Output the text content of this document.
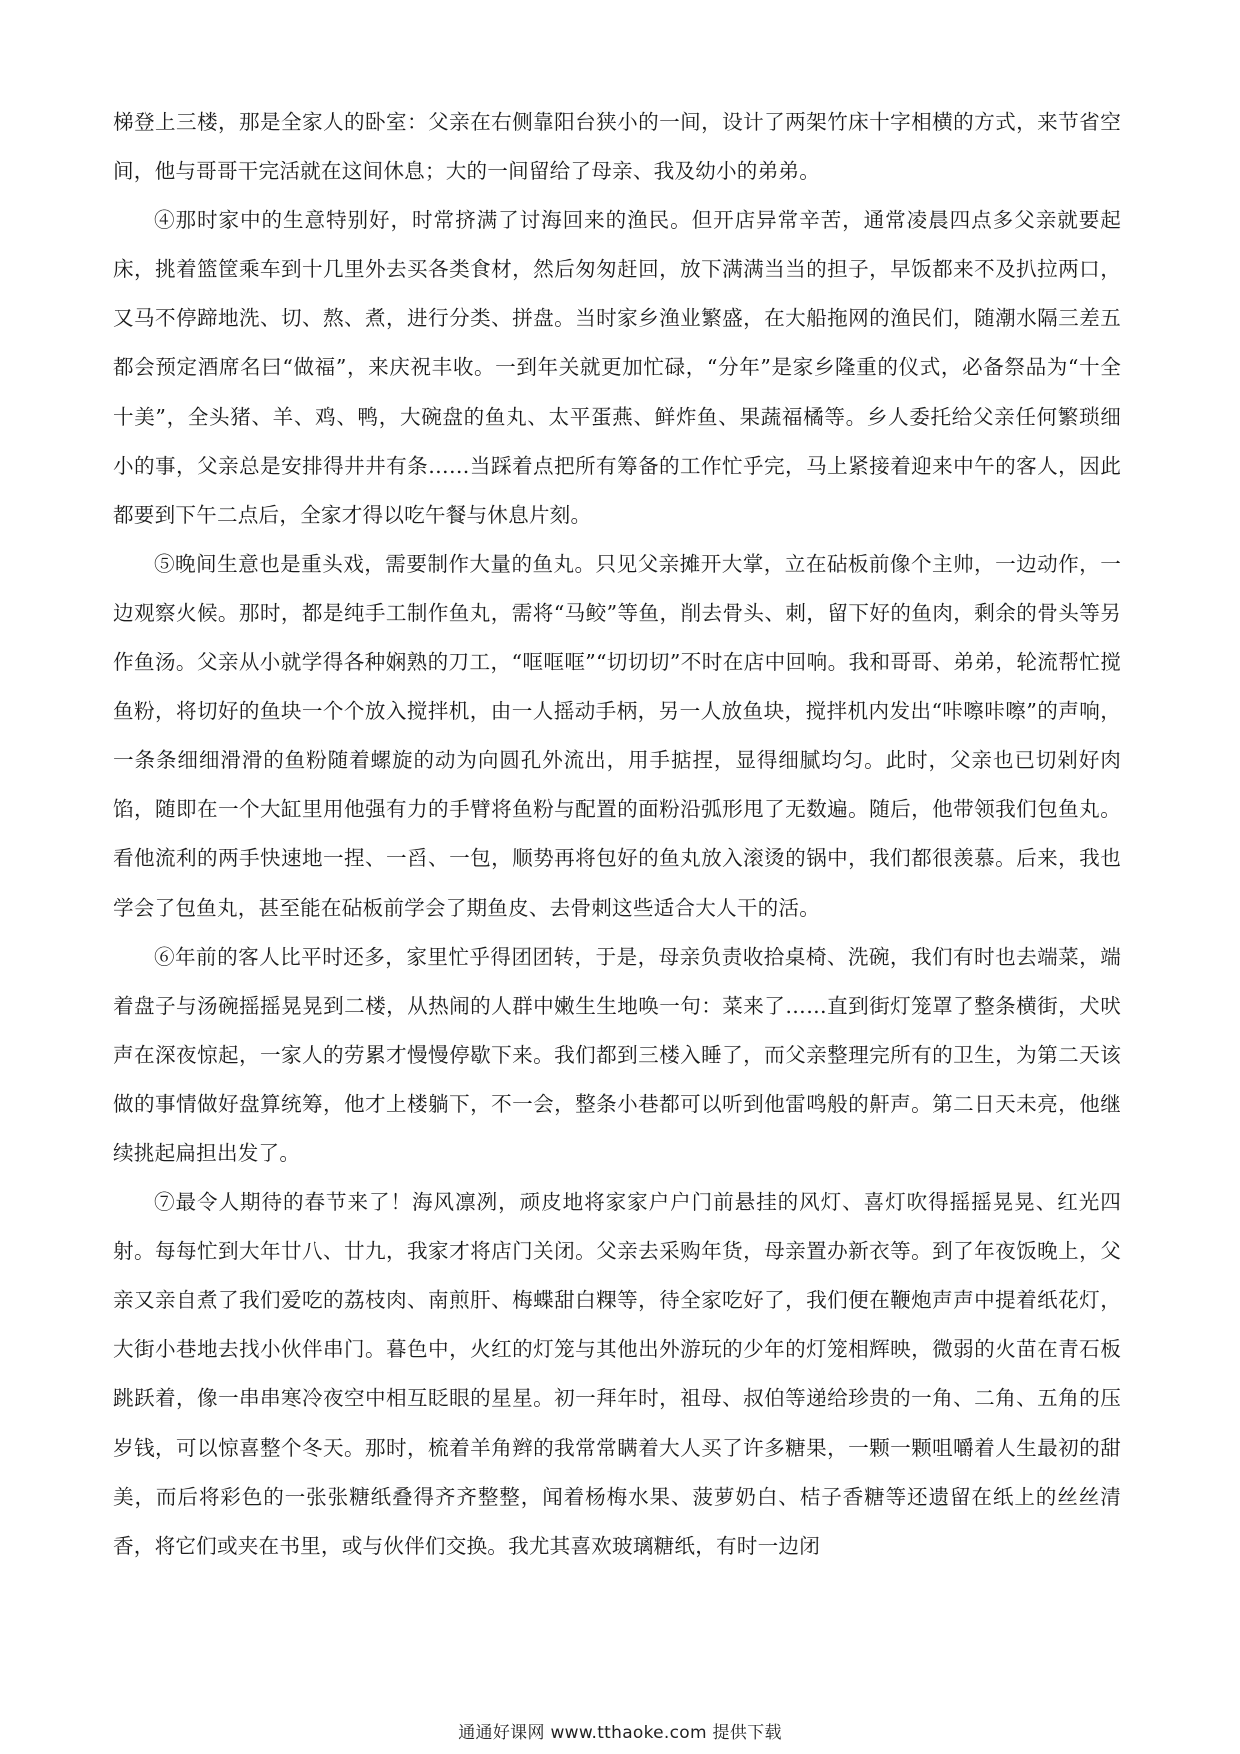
梯登上三楼，那是全家人的卧室：父亲在右侧靠阳台狭小的一间，设计了两架竹床十字相横的方式，来节省空间，他与哥哥干完活就在这间休息；大的一间留给了母亲、我及幼小的弟弟。

④那时家中的生意特别好，时常挤满了讨海回来的渔民。但开店异常辛苦，通常凌晨四点多父亲就要起床，挑着篮筐乘车到十几里外去买各类食材，然后匆匆赶回，放下满满当当的担子，早饭都来不及扒拉两口，又马不停蹄地洗、切、熬、煮，进行分类、拼盘。当时家乡渔业繁盛，在大船拖网的渔民们，随潮水隔三差五都会预定酒席名曰“做福”，来庆祝丰收。一到年关就更加忙碌，“分年”是家乡隆重的仪式，必备祭品为“十全十美”，全头猪、羊、鸡、鸭，大碗盘的鱼丸、太平蛋燕、鲜炸鱼、果蔬福橘等。乡人委托给父亲任何繁琐细小的事，父亲总是安排得井井有条……当踩着点把所有筹备的工作忙乎完，马上紧接着迎来中午的客人，因此都要到下午二点后，全家才得以吃午餐与休息片刻。

⑤晚间生意也是重头戏，需要制作大量的鱼丸。只见父亲摊开大掌，立在砧板前像个主帅，一边动作，一边观察火候。那时，都是纯手工制作鱼丸，需将“马鲛”等鱼，削去骨头、刺，留下好的鱼肉，剩余的骨头等另作鱼汤。父亲从小就学得各种娴熟的刀工，“哐哐哐”“切切切”不时在店中回响。我和哥哥、弟弟，轮流帮忙搅鱼粉，将切好的鱼块一个个放入搅拌机，由一人摇动手柄，另一人放鱼块，搅拌机内发出“咔嚓咔嚓”的声响，一条条细细滑滑的鱼粉随着螺旋的动为向圆孔外流出，用手掂捏，显得细腻均匀。此时，父亲也已切剁好肉馅，随即在一个大缸里用他强有力的手臂将鱼粉与配置的面粉沿弧形甩了无数遍。随后，他带领我们包鱼丸。看他流利的两手快速地一捏、一舀、一包，顺势再将包好的鱼丸放入滚烫的锅中，我们都很羡慕。后来，我也学会了包鱼丸，甚至能在砧板前学会了期鱼皮、去骨刺这些适合大人干的活。

⑥年前的客人比平时还多，家里忙乎得团团转，于是，母亲负责收拾桌椅、洗碗，我们有时也去端菜，端着盘子与汤碗摇摇晃晃到二楼，从热闹的人群中嫩生生地唤一句：菜来了……直到街灯笼罩了整条横街，犬吠声在深夜惊起，一家人的劳累才慢慢停歇下来。我们都到三楼入睡了，而父亲整理完所有的卫生，为第二天该做的事情做好盘算统筹，他才上楼躺下，不一会，整条小巷都可以听到他雷鸣般的鼾声。第二日天未亮，他继续挑起扁担出发了。

⑦最令人期待的春节来了！海风凛冽，顽皮地将家家户户门前悬挂的风灯、喜灯吹得摇摇晃晃、红光四射。每每忙到大年廿八、廿九，我家才将店门关闭。父亲去采购年货，母亲置办新衣等。到了年夜饭晚上，父亲又亲自煮了我们爱吃的荔枝肉、南煎肝、梅蝶甜白粿等，待全家吃好了，我们便在鞭炮声声中提着纸花灯，大街小巷地去找小伙伴串门。暮色中，火红的灯笼与其他出外游玩的少年的灯笼相辉映，微弱的火苗在青石板跳跃着，像一串串寒冷夜空中相互眨眼的星星。初一拜年时，祖母、叔伯等递给珍贵的一角、二角、五角的压岁钱，可以惊喜整个冬天。那时，梳着羊角辫的我常常瞒着大人买了许多糖果，一颗一颗咀嚼着人生最初的甜美，而后将彩色的一张张糖纸叠得齐齐整整，闻着杨梅水果、菠萝奶白、桔子香糖等还遗留在纸上的丝丝清香，将它们或夹在书里，或与伙伴们交换。我尤其喜欢玻璃糖纸，有时一边闭

通通好课网 www.tthaoke.com 提供下载
